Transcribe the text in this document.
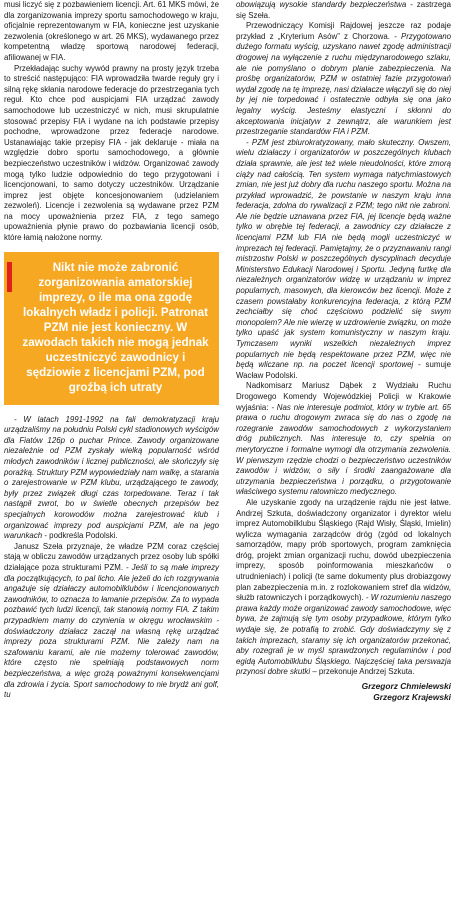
musi liczyć się z pozbawieniem licencji. Art. 61 MKS mówi, że dla zorganizowania imprezy sportu samochodowego w kraju, oficjalnie reprezentowanym w FIA, konieczne jest uzyskanie zezwolenia (określonego w art. 26 MKS), wydawanego przez kompetentną władzę sportową narodowej federacji, afiliowanej w FIA.

Przekładając suchy wywód prawny na prosty język trzeba to streścić następująco: FIA wprowadziła twarde reguły gry i silną rękę skłania narodowe federacje do przestrzegania tych reguł. Kto chce pod auspicjami FIA urządzać zawody samochodowe lub uczestniczyć w nich, musi skrupulatnie stosować przepisy FIA i wydane na ich podstawie przepisy pochodne, wprowadzone przez federacje narodowe. Ustanawiając takie przepisy FIA - jak deklaruje - miała na względzie dobro sportu samochodowego, a głównie bezpieczeństwo uczestników i widzów. Organizować zawody mogą tylko ludzie odpowiednio do tego przygotowani i licencjonowani, to samo dotyczy uczestników. Urządzanie imprez jest objęte koncesjonowaniem (udzielaniem zezwoleń). Licencje i zezwolenia są wydawane przez PZM na mocy upoważnienia przez FIA, z tego samego upoważnienia płynie prawo do pozbawiania licencji osób, które łamią nałożone normy.

Nikt nie może zabronić zorganizowania amatorskiej imprezy, o ile ma ona zgodę lokalnych władz i policji. Patronat PZM nie jest konieczny. W zawodach takich nie mogą jednak uczestniczyć zawodnicy i sędziowie z licencjami PZM, pod groźbą ich utraty

- W latach 1991-1992 na fali demokratyzacji kraju urządzaliśmy na południu Polski cykl stadionowych wyścigów dla Fiatów 126p o puchar Prince. Zawody organizowane niezależnie od PZM zyskały wielką popularność wśród młodych zawodników i licznej publiczności, ale skończyły się porażką. Struktury PZM wypowiedziały nam walkę, a starania o zarejestrowanie w PZM klubu, urządzającego te zawody, były przez związek długi czas torpedowane. Teraz i tak nastąpił zwrot, bo w świetle obecnych przepisów bez specjalnych korowodów można zarejestrować klub i organizować imprezy pod auspicjami PZM, ale na jego warunkach - podkreśla Podolski.

Janusz Szeła przyznaje, że władze PZM coraz częściej stają w obliczu zawodów urządzanych przez osoby lub spółki działające poza strukturami PZM. - Jeśli to są małe imprezy dla początkujących, to pal licho. Ale jeżeli do ich rozgrywania angażuje się działaczy automobilklubów i licencjonowanych zawodników, to oznacza to łamanie przepisów. Za to wypada pozbawić tych ludzi licencji, tak stanowią normy FIA. Z takim przypadkiem mamy do czynienia w okręgu wrocławskim - doświadczony działacz zaczął na własną rękę urządzać imprezy poza strukturami PZM. Nie zależy nam na szafowaniu karami, ale nie możemy tolerować zawodów, które często nie spełniają podstawowych norm bezpieczeństwa, a więc grożą poważnymi konsekwencjami dla zdrowia i życia. Sport samochodowy to nie brydż ani golf, tu

obowiązują wysokie standardy bezpieczeństwa - zastrzega się Szeła.

Przewodniczący Komisji Rajdowej jeszcze raz podaje przykład z „Kryterium Asów” z Chorzowa. - Przygotowano dużego formatu wyścig, uzyskano nawet zgodę administracji drogowej na wyłączenie z ruchu międzynarodowego szlaku, ale nie pomyślano o dobrym planie zabezpieczenia. Na prośbę organizatorów, PZM w ostatniej fazie przygotowań wydał zgodę na tę imprezę, nasi działacze włączyli się do niej by jej nie torpedować i ostatecznie odbyła się ona jako legalny wyścig. Jesteśmy elastyczni i skłonni do akceptowania inicjatyw z zewnątrz, ale warunkiem jest przestrzeganie standardów FIA i PZM.

- PZM jest zbiurokratyzowany, mało skuteczny. Owszem, wielu działaczy i organizatorów w poszczególnych klubach działa sprawnie, ale jest też wiele nieudolności, które zmorą ciąży nad całością. Ten system wymaga natychmiastowych zmian, nie jest już dobry dla ruchu naszego sportu. Można na przykład wprowadzić, że powstanie w naszym kraju inna federacja, zdolna do rywalizacji z PZM; tego nikt nie zabroni. Ale nie będzie uznawana przez FIA, jej licencje będą ważne tylko w obrębie tej federacji, a zawodnicy czy działacze z licencjami PZM lub FIA nie będą mogli uczestniczyć w imprezach tej federacji. Pamiętajmy, że o przyznawaniu rangi mistrzostw Polski w poszczególnych dyscyplinach decyduje Ministerstwo Edukacji Narodowej i Sportu. Jedyną furtkę dla niezależnych organizatorów widzę w urządzaniu w imprez popularnych, masowych, dla kierowców bez licencji. Może z czasem powstałaby konkurencyjna federacja, z którą PZM zechciałby się choć częściowo podzielić się swym monopolem? Ale nie wierzę w uzdrowienie związku, on może tylko upaść jak system komunistyczny w naszym kraju. Tymczasem wyniki wszelkich niezależnych imprez popularnych nie będą respektowane przez PZM, więc nie będą wliczane np. na poczet licencji sportowej - sumuje Wacław Podolski.

Nadkomisarz Mariusz Dąbek z Wydziału Ruchu Drogowego Komendy Wojewódzkiej Policji w Krakowie wyjaśnia: - Nas nie interesuje podmiot, który w trybie art. 65 prawa o ruchu drogowym zwraca się do nas o zgodę na rozegranie zawodów samochodowych z wykorzystaniem dróg publicznych. Nas interesuje to, czy spełnia on merytoryczne i formalne wymogi dla otrzymania zezwolenia. W pierwszym rzędzie chodzi o bezpieczeństwo uczestników zawodów i widzów, o siły i środki zaangażowane dla utrzymania bezpieczeństwa i porządku, o przygotowanie właściwego systemu ratowniczo medycznego.

Ale uzyskanie zgody na urządzenie rajdu nie jest łatwe. Andrzej Szkuta, doświadczony organizator i dyrektor wielu imprez Automobilklubu Śląskiego (Rajd Wisły, Śląski, Imielin) wylicza wymagania zarządców dróg (zgód od lokalnych samorządów, mapy prób sportowych, program zamknięcia dróg, projekt zmian organizacji ruchu, dowód ubezpieczenia imprezy, sposób poinformowania mieszkańców o utrudnieniach) i policji (te same dokumenty plus drobiazgowy plan zabezpieczenia m.in. z rozlokowaniem stref dla widzów, służb ratowniczych i porządkowych). - W rozumieniu naszego prawa każdy może organizować zawody samochodowe, więc bywa, że zajmują się tym osoby przypadkowe, którym tylko wydaje się, że potrafią to zrobić. Gdy doświadczymy się z takich imprezach, staramy się ich organizatorów przekonać, aby rozegrali je w myśl sprawdzonych regulaminów i pod egidą Automobilklubu Śląskiego. Najczęściej taka perswazja przynosi dobre skutki – przekonuje Andrzej Szkuta.

Grzegorz Chmielewski
Grzegorz Krajewski
